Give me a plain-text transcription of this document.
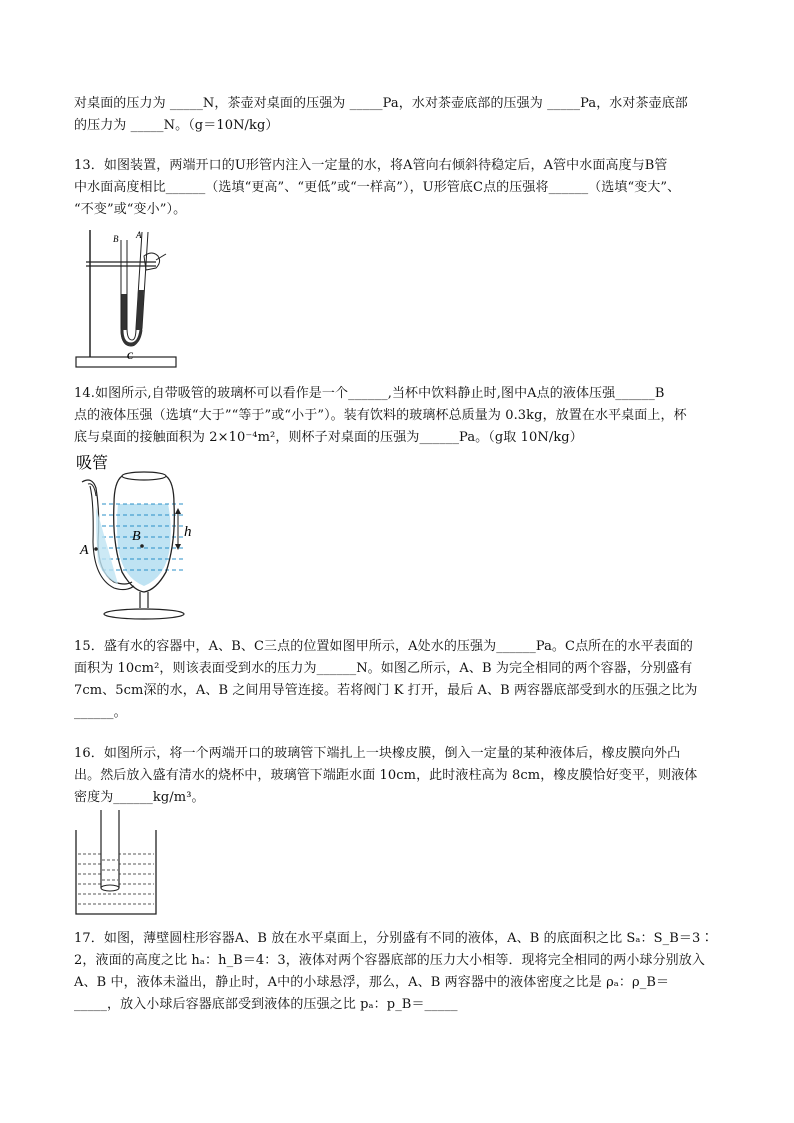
对桌面的压力为 _____N，茶壶对桌面的压强为 _____Pa，水对茶壶底部的压强为 _____Pa，水对茶壶底部
的压力为 _____N。（g＝10N/kg）
13．如图装置，两端开口的U形管内注入一定量的水，将A管向右倾斜待稳定后，A管中水面高度与B管
中水面高度相比______（选填“更高”、“更低”或“一样高”），U形管底C点的压强将______（选填“变大”、
“不变”或“变小”）。
B A
C
14.如图所示,自带吸管的玻璃杯可以看作是一个______,当杯中饮料静止时,图中A点的液体压强______B
点的液体压强（选填“大于”“等于”或“小于”）。装有饮料的玻璃杯总质量为 0.3kg，放置在水平桌面上，杯
底与桌面的接触面积为 2×10⁻⁴m²，则杯子对桌面的压强为______Pa。（g取 10N/kg）
吸管
h
A
B
15．盛有水的容器中，A、B、C三点的位置如图甲所示，A处水的压强为______Pa。C点所在的水平表面的
面积为 10cm²，则该表面受到水的压力为______N。如图乙所示，A、B 为完全相同的两个容器，分别盛有
7cm、5cm深的水，A、B 之间用导管连接。若将阀门 K 打开，最后 A、B 两容器底部受到水的压强之比为
______。
16．如图所示，将一个两端开口的玻璃管下端扎上一块橡皮膜，倒入一定量的某种液体后，橡皮膜向外凸
出。然后放入盛有清水的烧杯中，玻璃管下端距水面 10cm，此时液柱高为 8cm，橡皮膜恰好变平，则液体
密度为______kg/m³。
17．如图，薄壁圆柱形容器A、B 放在水平桌面上，分别盛有不同的液体，A、B 的底面积之比 Sₐ：S_B＝3∶
2，液面的高度之比 hₐ：h_B＝4：3，液体对两个容器底部的压力大小相等．现将完全相同的两小球分别放入
A、B 中，液体未溢出，静止时，A中的小球悬浮，那么，A、B 两容器中的液体密度之比是 ρₐ：ρ_B＝
_____，放入小球后容器底部受到液体的压强之比 pₐ：p_B＝_____
